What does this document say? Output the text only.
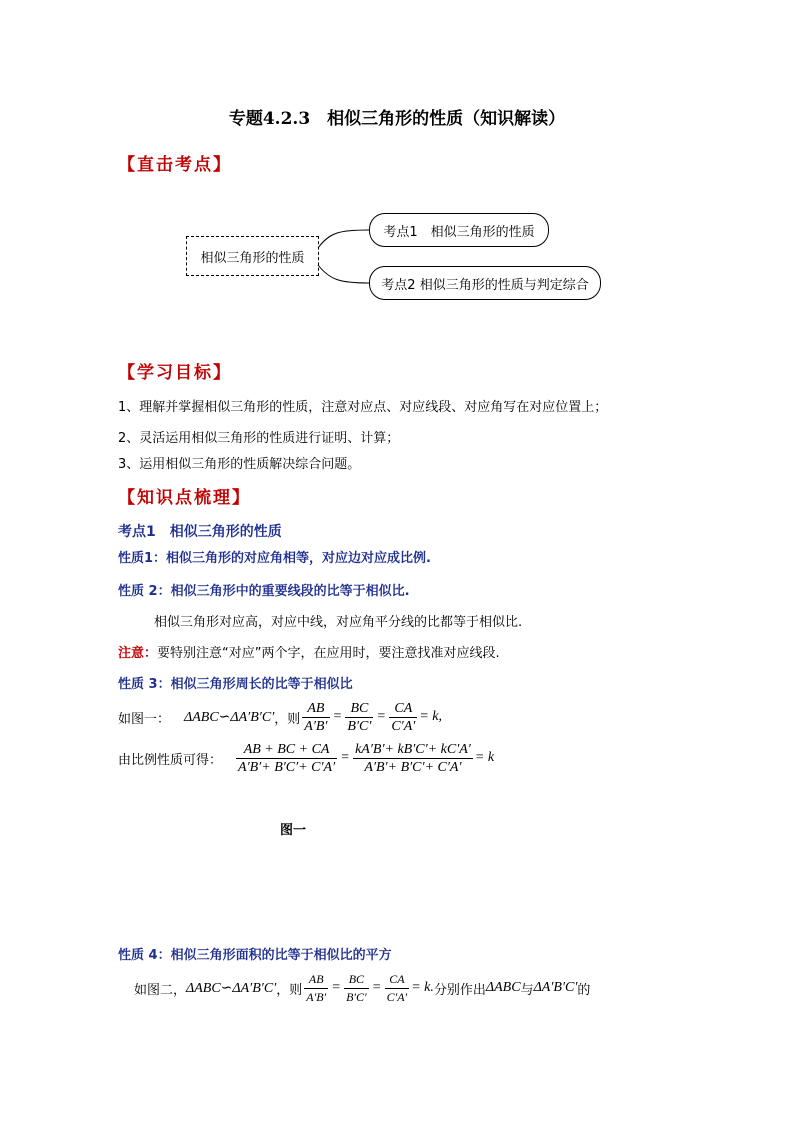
专题4.2.3　相似三角形的性质（知识解读）
【直击考点】
相似三角形的性质
考点1　相似三角形的性质
考点2 相似三角形的性质与判定综合
【学习目标】
1、理解并掌握相似三角形的性质，注意对应点、对应线段、对应角写在对应位置上；
2、灵活运用相似三角形的性质进行证明、计算；
3、运用相似三角形的性质解决综合问题。
【知识点梳理】
考点1　相似三角形的性质
性质1：相似三角形的对应角相等，对应边对应成比例.
性质 2：相似三角形中的重要线段的比等于相似比.
相似三角形对应高，对应中线，对应角平分线的比都等于相似比.
注意：要特别注意“对应”两个字，在应用时，要注意找准对应线段.
性质 3：相似三角形周长的比等于相似比
如图一： ΔABC∽ΔA′B′C′ ，则 $\frac{AB}{A'B'} = \frac{BC}{B'C'} = \frac{CA}{C'A'} = k$,
由比例性质可得： $\frac{AB + BC + CA}{A'B'+ B'C'+ C'A'} = \frac{kA'B'+ kB'C'+ kC'A'}{A'B'+ B'C'+ C'A'} = k$
图一
性质 4：相似三角形面积的比等于相似比的平方
如图二， ΔABC∽ΔA′B′C′ ，则 $\frac{AB}{A'B'} = \frac{BC}{B'C'} = \frac{CA}{C'A'} = k$. 分别作出 ΔABC 与 ΔA′B′C′ 的
